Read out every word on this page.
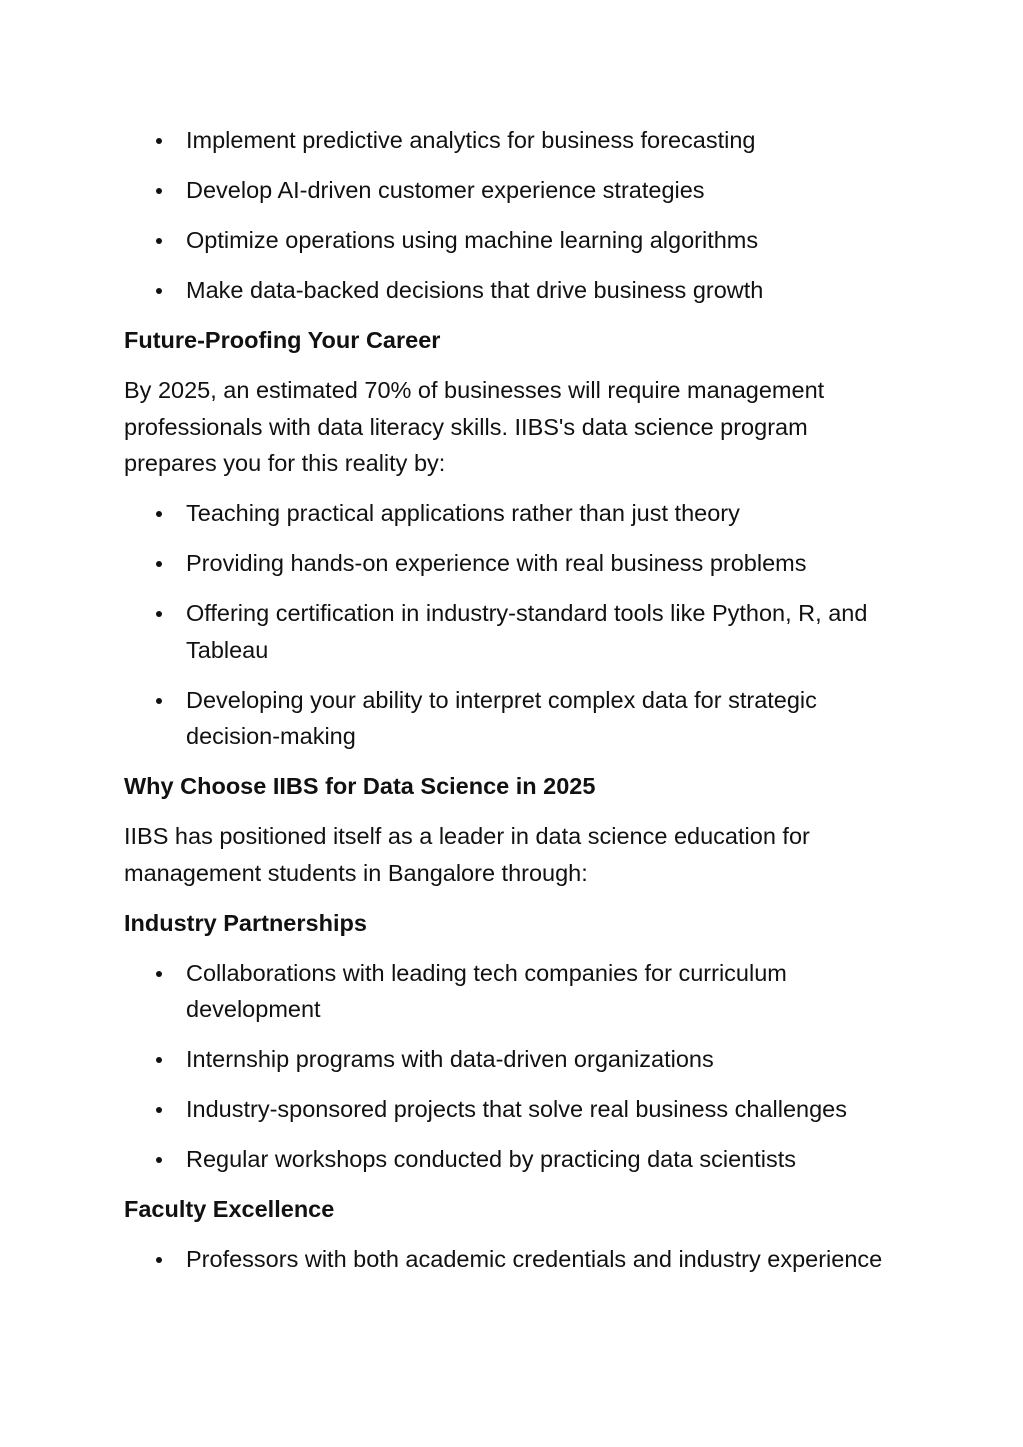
Implement predictive analytics for business forecasting
Develop AI-driven customer experience strategies
Optimize operations using machine learning algorithms
Make data-backed decisions that drive business growth
Future-Proofing Your Career

By 2025, an estimated 70% of businesses will require management professionals with data literacy skills. IIBS's data science program prepares you for this reality by:

Teaching practical applications rather than just theory
Providing hands-on experience with real business problems
Offering certification in industry-standard tools like Python, R, and Tableau
Developing your ability to interpret complex data for strategic decision-making
Why Choose IIBS for Data Science in 2025

IIBS has positioned itself as a leader in data science education for management students in Bangalore through:

Industry Partnerships
Collaborations with leading tech companies for curriculum development
Internship programs with data-driven organizations
Industry-sponsored projects that solve real business challenges
Regular workshops conducted by practicing data scientists
Faculty Excellence
Professors with both academic credentials and industry experience
